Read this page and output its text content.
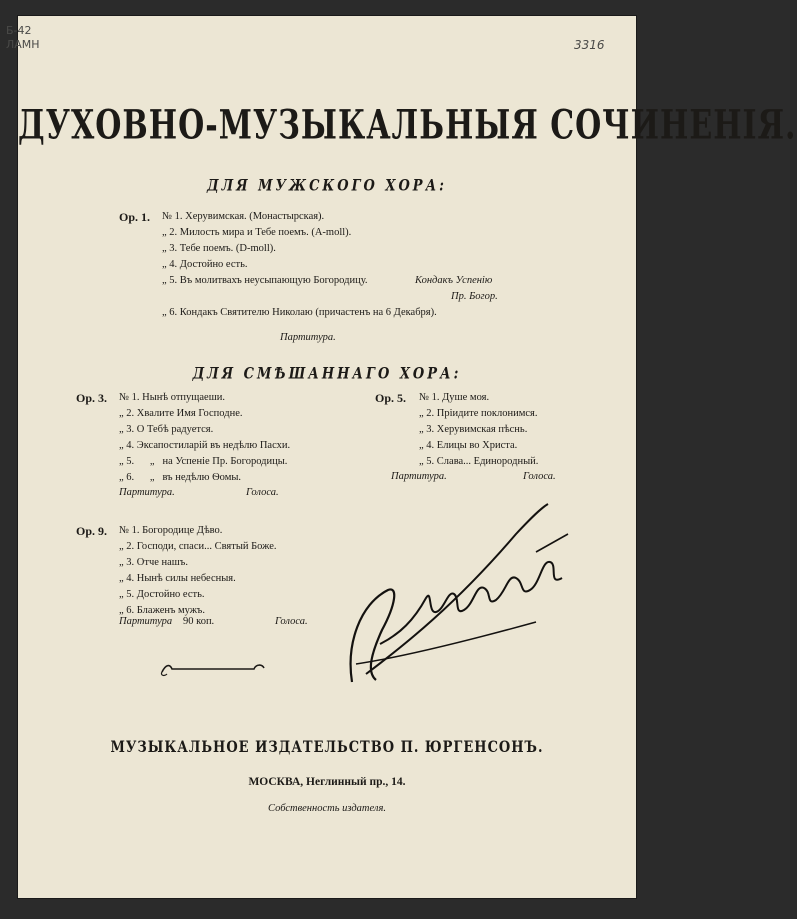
Б-42
ЛАМН	3316
ДУХОВНО-МУЗЫКАЛЬНЫЯ СОЧИНЕНІЯ.
ДЛЯ МУЖСКОГО ХОРА:
Op. 1. № 1. Херувимская. (Монастырская).
„ 2. Милость мира и Тебе поемъ. (A-moll).
„ 3. Тебе поемъ. (D-moll).
„ 4. Достойно есть.
„ 5. Въ молитвахъ неусыпающую Богородицу.	Кондакъ Успенію
Пр. Богор.
„ 6. Кондакъ Святителю Николаю (причастенъ на 6 Декабря).
Партитура.
ДЛЯ СМѢШАННАГО ХОРА:
Op. 3. № 1. Нынѣ отпущаеши.
„ 2. Хвалите Имя Господне.
„ 3. О Тебѣ радуется.
„ 4. Эксапостиларій въ недѣлю Пасхи.
„ 5.      „   на Успеніе Пр. Богородицы.
„ 6.      „   въ недѣлю Ѳомы.
Партитура.	Голоса.
Op. 5. № 1. Душе моя.
„ 2. Пріидите поклонимся.
„ 3. Херувимская пѣснь.
„ 4. Елицы во Христа.
„ 5. Слава... Единородный.
Партитура.	Голоса.
Op. 9. № 1. Богородице Дѣво.
„ 2. Господи, спаси... Святый Боже.
„ 3. Отче нашъ.
„ 4. Нынѣ силы небесныя.
„ 5. Достойно есть.
„ 6. Блаженъ мужъ.
Партитура 90 коп.	Голоса.
МУЗЫКАЛЬНОЕ ИЗДАТЕЛЬСТВО П. ЮРГЕНСОНЪ.
МОСКВА, Неглинный пр., 14.
Собственность издателя.
